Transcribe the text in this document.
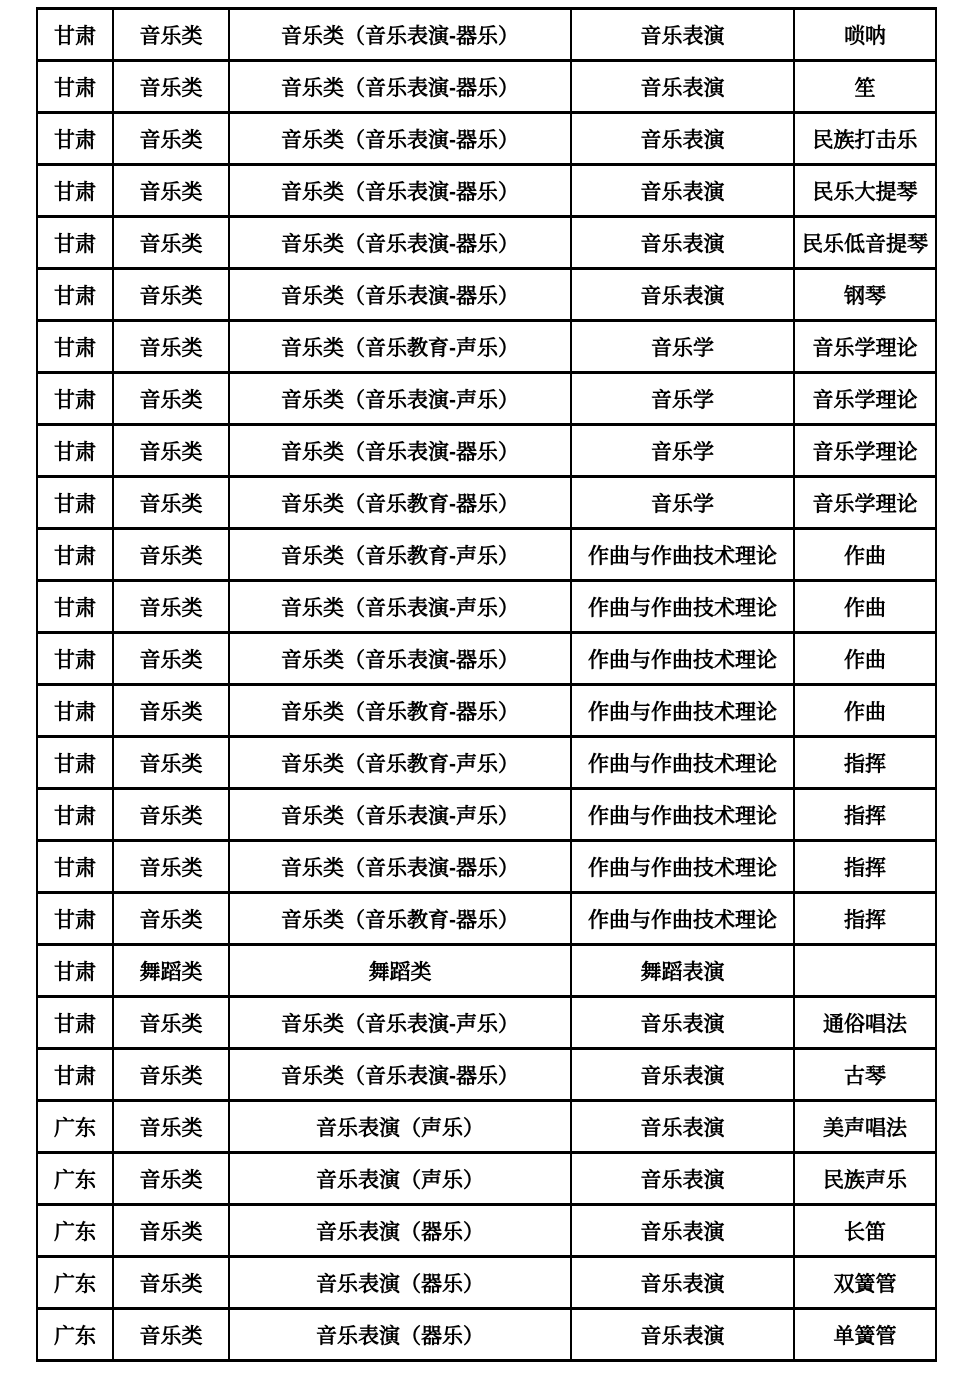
甘肃	音乐类	音乐类（音乐表演-器乐）	音乐表演	唢呐
甘肃	音乐类	音乐类（音乐表演-器乐）	音乐表演	笙
甘肃	音乐类	音乐类（音乐表演-器乐）	音乐表演	民族打击乐
甘肃	音乐类	音乐类（音乐表演-器乐）	音乐表演	民乐大提琴
甘肃	音乐类	音乐类（音乐表演-器乐）	音乐表演	民乐低音提琴
甘肃	音乐类	音乐类（音乐表演-器乐）	音乐表演	钢琴
甘肃	音乐类	音乐类（音乐教育-声乐）	音乐学	音乐学理论
甘肃	音乐类	音乐类（音乐表演-声乐）	音乐学	音乐学理论
甘肃	音乐类	音乐类（音乐表演-器乐）	音乐学	音乐学理论
甘肃	音乐类	音乐类（音乐教育-器乐）	音乐学	音乐学理论
甘肃	音乐类	音乐类（音乐教育-声乐）	作曲与作曲技术理论	作曲
甘肃	音乐类	音乐类（音乐表演-声乐）	作曲与作曲技术理论	作曲
甘肃	音乐类	音乐类（音乐表演-器乐）	作曲与作曲技术理论	作曲
甘肃	音乐类	音乐类（音乐教育-器乐）	作曲与作曲技术理论	作曲
甘肃	音乐类	音乐类（音乐教育-声乐）	作曲与作曲技术理论	指挥
甘肃	音乐类	音乐类（音乐表演-声乐）	作曲与作曲技术理论	指挥
甘肃	音乐类	音乐类（音乐表演-器乐）	作曲与作曲技术理论	指挥
甘肃	音乐类	音乐类（音乐教育-器乐）	作曲与作曲技术理论	指挥
甘肃	舞蹈类	舞蹈类	舞蹈表演	
甘肃	音乐类	音乐类（音乐表演-声乐）	音乐表演	通俗唱法
甘肃	音乐类	音乐类（音乐表演-器乐）	音乐表演	古琴
广东	音乐类	音乐表演（声乐）	音乐表演	美声唱法
广东	音乐类	音乐表演（声乐）	音乐表演	民族声乐
广东	音乐类	音乐表演（器乐）	音乐表演	长笛
广东	音乐类	音乐表演（器乐）	音乐表演	双簧管
广东	音乐类	音乐表演（器乐）	音乐表演	单簧管
